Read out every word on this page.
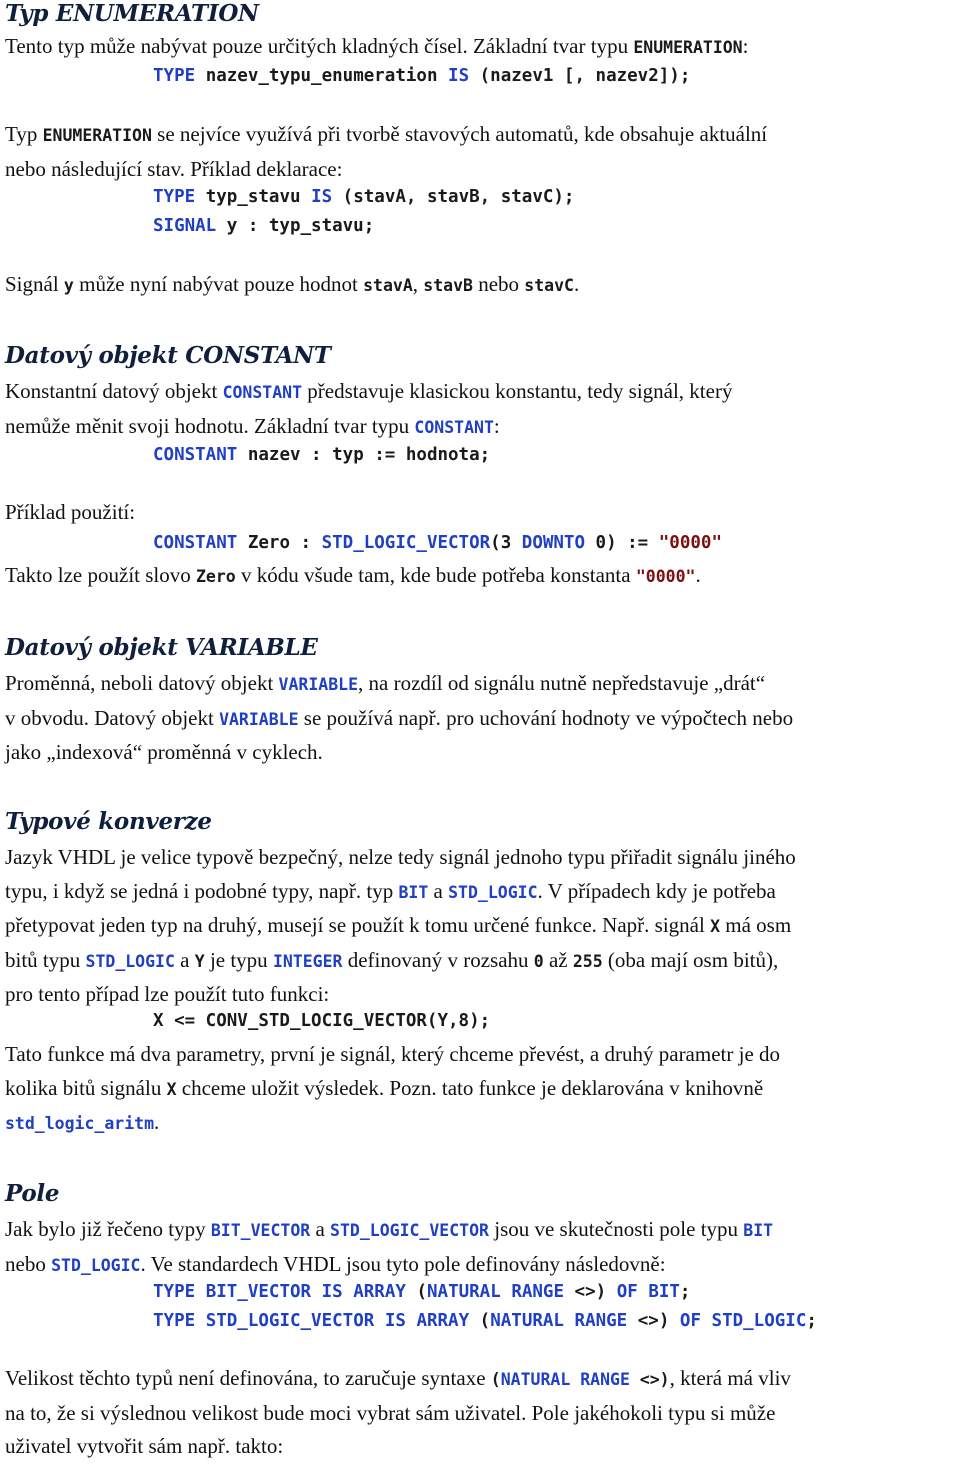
Typ ENUMERATION
Tento typ může nabývat pouze určitých kladných čísel. Základní tvar typu ENUMERATION:
TYPE nazev_typu_enumeration IS (nazev1 [, nazev2]);
Typ ENUMERATION se nejvíce využívá při tvorbě stavových automatů, kde obsahuje aktuální
nebo následující stav. Příklad deklarace:
TYPE typ_stavu IS (stavA, stavB, stavC);
SIGNAL y : typ_stavu;
Signál y může nyní nabývat pouze hodnot stavA, stavB nebo stavC.
Datový objekt CONSTANT
Konstantní datový objekt CONSTANT představuje klasickou konstantu, tedy signál, který
nemůže měnit svoji hodnotu. Základní tvar typu CONSTANT:
CONSTANT nazev : typ := hodnota;
Příklad použití:
CONSTANT Zero : STD_LOGIC_VECTOR(3 DOWNTO 0) := "0000"
Takto lze použít slovo Zero v kódu všude tam, kde bude potřeba konstanta "0000".
Datový objekt VARIABLE
Proměnná, neboli datový objekt VARIABLE, na rozdíl od signálu nutně nepředstavuje „drát“
v obvodu. Datový objekt VARIABLE se používá např. pro uchování hodnoty ve výpočtech nebo
jako „indexová“ proměnná v cyklech.
Typové konverze
Jazyk VHDL je velice typově bezpečný, nelze tedy signál jednoho typu přiřadit signálu jiného
typu, i když se jedná i podobné typy, např. typ BIT a STD_LOGIC. V případech kdy je potřeba
přetypovat jeden typ na druhý, musejí se použít k tomu určené funkce. Např. signál X má osm
bitů typu STD_LOGIC a Y je typu INTEGER definovaný v rozsahu 0 až 255 (oba mají osm bitů),
pro tento případ lze použít tuto funkci:
X <= CONV_STD_LOCIG_VECTOR(Y,8);
Tato funkce má dva parametry, první je signál, který chceme převést, a druhý parametr je do
kolika bitů signálu X chceme uložit výsledek. Pozn. tato funkce je deklarována v knihovně
std_logic_aritm.
Pole
Jak bylo již řečeno typy BIT_VECTOR a STD_LOGIC_VECTOR jsou ve skutečnosti pole typu BIT
nebo STD_LOGIC. Ve standardech VHDL jsou tyto pole definovány následovně:
TYPE BIT_VECTOR IS ARRAY (NATURAL RANGE <>) OF BIT;
TYPE STD_LOGIC_VECTOR IS ARRAY (NATURAL RANGE <>) OF STD_LOGIC;
Velikost těchto typů není definována, to zaručuje syntaxe (NATURAL RANGE <>), která má vliv
na to, že si výslednou velikost bude moci vybrat sám uživatel. Pole jakéhokoli typu si může
uživatel vytvořit sám např. takto:
